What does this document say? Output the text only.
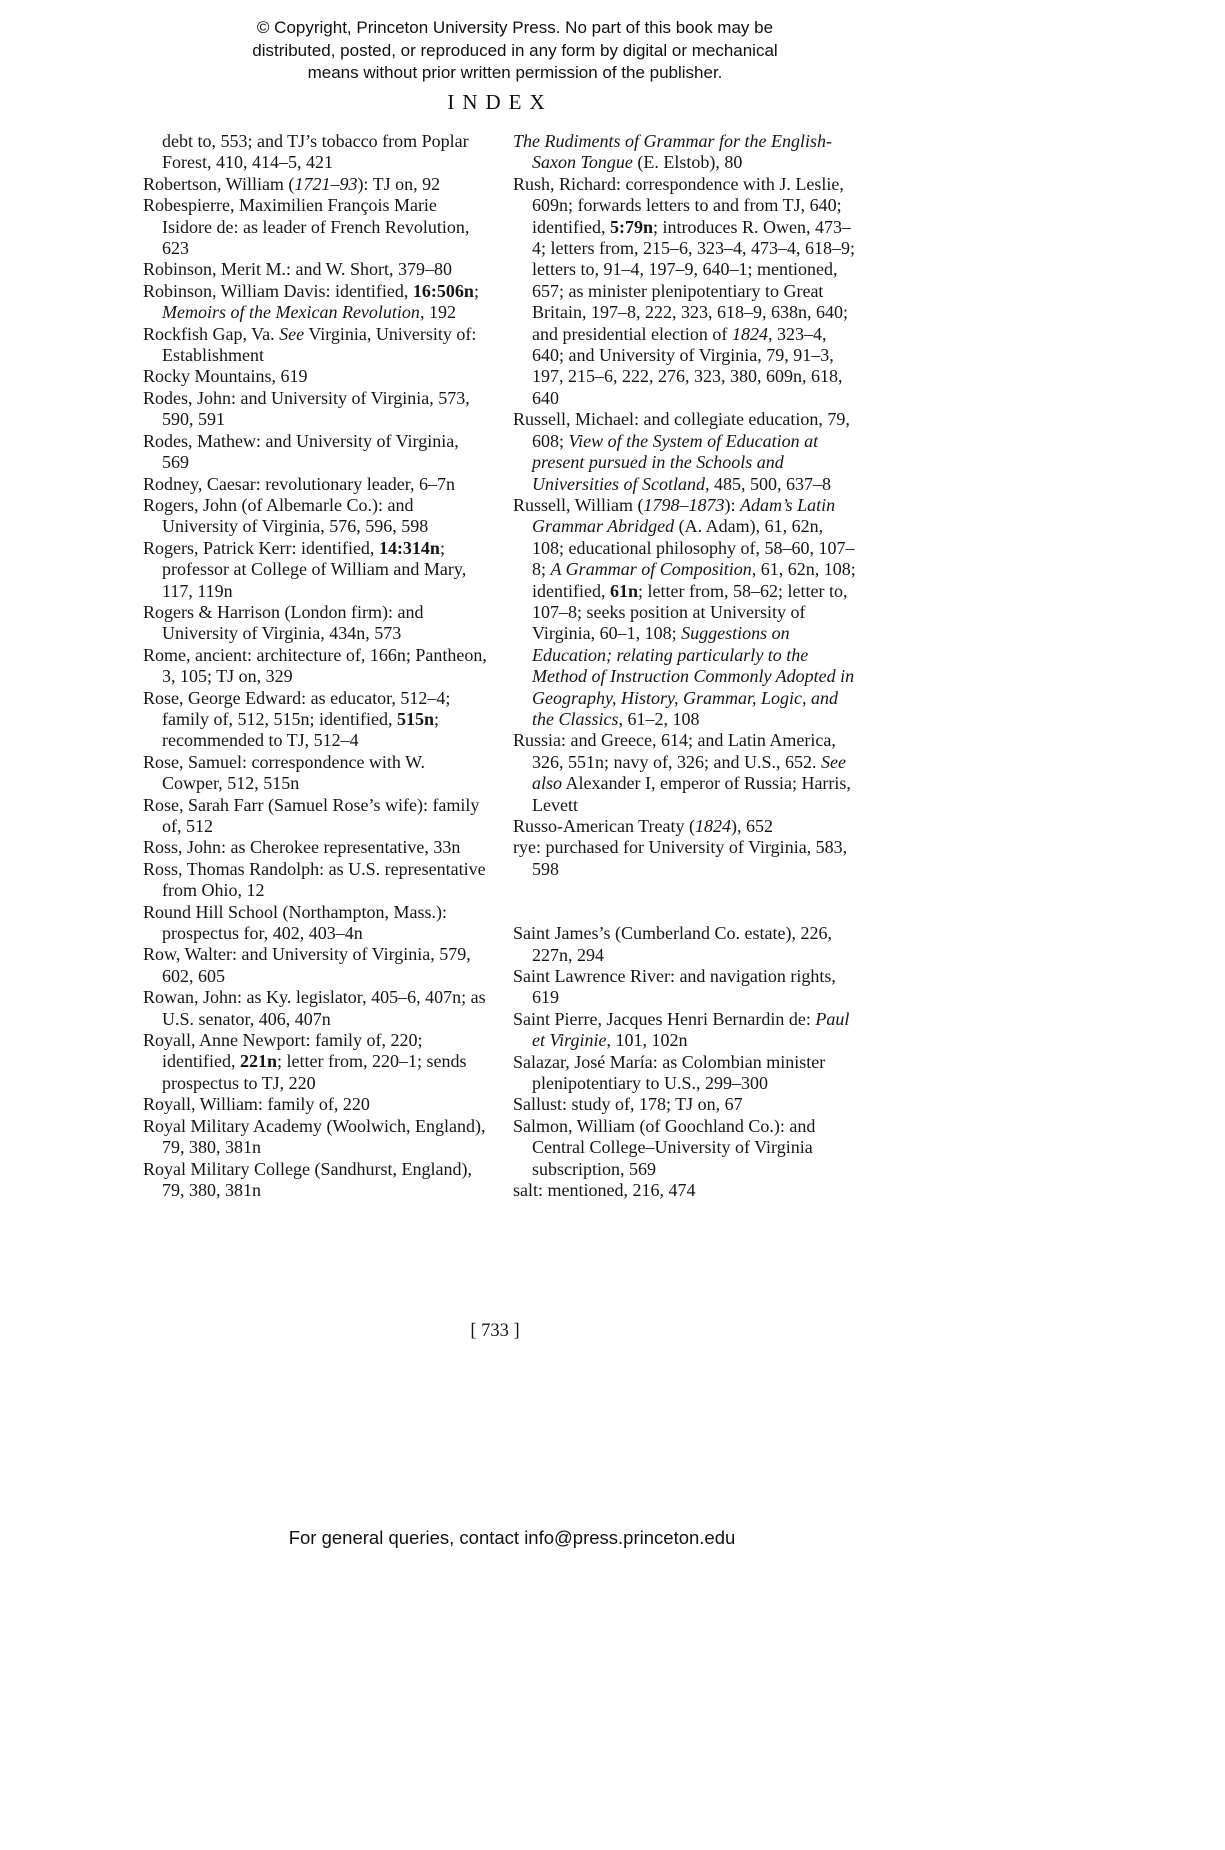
© Copyright, Princeton University Press. No part of this book may be
distributed, posted, or reproduced in any form by digital or mechanical
means without prior written permission of the publisher.
INDEX

debt to, 553; and TJ’s tobacco from Poplar Forest, 410, 414–5, 421

Robertson, William (1721–93): TJ on, 92

Robespierre, Maximilien François Marie Isidore de: as leader of French Revolution, 623

Robinson, Merit M.: and W. Short, 379–80

Robinson, William Davis: identified, 16:506n; Memoirs of the Mexican Revolution, 192

Rockfish Gap, Va. See Virginia, University of: Establishment

Rocky Mountains, 619

Rodes, John: and University of Virginia, 573, 590, 591

Rodes, Mathew: and University of Virginia, 569

Rodney, Caesar: revolutionary leader, 6–7n

Rogers, John (of Albemarle Co.): and University of Virginia, 576, 596, 598

Rogers, Patrick Kerr: identified, 14:314n; professor at College of William and Mary, 117, 119n

Rogers & Harrison (London firm): and University of Virginia, 434n, 573

Rome, ancient: architecture of, 166n; Pantheon, 3, 105; TJ on, 329

Rose, George Edward: as educator, 512–4; family of, 512, 515n; identified, 515n; recommended to TJ, 512–4

Rose, Samuel: correspondence with W. Cowper, 512, 515n

Rose, Sarah Farr (Samuel Rose’s wife): family of, 512

Ross, John: as Cherokee representative, 33n

Ross, Thomas Randolph: as U.S. representative from Ohio, 12

Round Hill School (Northampton, Mass.): prospectus for, 402, 403–4n

Row, Walter: and University of Virginia, 579, 602, 605

Rowan, John: as Ky. legislator, 405–6, 407n; as U.S. senator, 406, 407n

Royall, Anne Newport: family of, 220; identified, 221n; letter from, 220–1; sends prospectus to TJ, 220

Royall, William: family of, 220

Royal Military Academy (Woolwich, England), 79, 380, 381n

Royal Military College (Sandhurst, England), 79, 380, 381n

The Rudiments of Grammar for the English-Saxon Tongue (E. Elstob), 80

Rush, Richard: correspondence with J. Leslie, 609n; forwards letters to and from TJ, 640; identified, 5:79n; introduces R. Owen, 473–4; letters from, 215–6, 323–4, 473–4, 618–9; letters to, 91–4, 197–9, 640–1; mentioned, 657; as minister plenipotentiary to Great Britain, 197–8, 222, 323, 618–9, 638n, 640; and presidential election of 1824, 323–4, 640; and University of Virginia, 79, 91–3, 197, 215–6, 222, 276, 323, 380, 609n, 618, 640

Russell, Michael: and collegiate education, 79, 608; View of the System of Education at present pursued in the Schools and Universities of Scotland, 485, 500, 637–8

Russell, William (1798–1873): Adam’s Latin Grammar Abridged (A. Adam), 61, 62n, 108; educational philosophy of, 58–60, 107–8; A Grammar of Composition, 61, 62n, 108; identified, 61n; letter from, 58–62; letter to, 107–8; seeks position at University of Virginia, 60–1, 108; Suggestions on Education; relating particularly to the Method of Instruction Commonly Adopted in Geography, History, Grammar, Logic, and the Classics, 61–2, 108

Russia: and Greece, 614; and Latin America, 326, 551n; navy of, 326; and U.S., 652. See also Alexander I, emperor of Russia; Harris, Levett

Russo-American Treaty (1824), 652

rye: purchased for University of Virginia, 583, 598

Saint James’s (Cumberland Co. estate), 226, 227n, 294

Saint Lawrence River: and navigation rights, 619

Saint Pierre, Jacques Henri Bernardin de: Paul et Virginie, 101, 102n

Salazar, José María: as Colombian minister plenipotentiary to U.S., 299–300

Sallust: study of, 178; TJ on, 67

Salmon, William (of Goochland Co.): and Central College–University of Virginia subscription, 569

salt: mentioned, 216, 474

[ 733 ]
For general queries, contact info@press.princeton.edu
